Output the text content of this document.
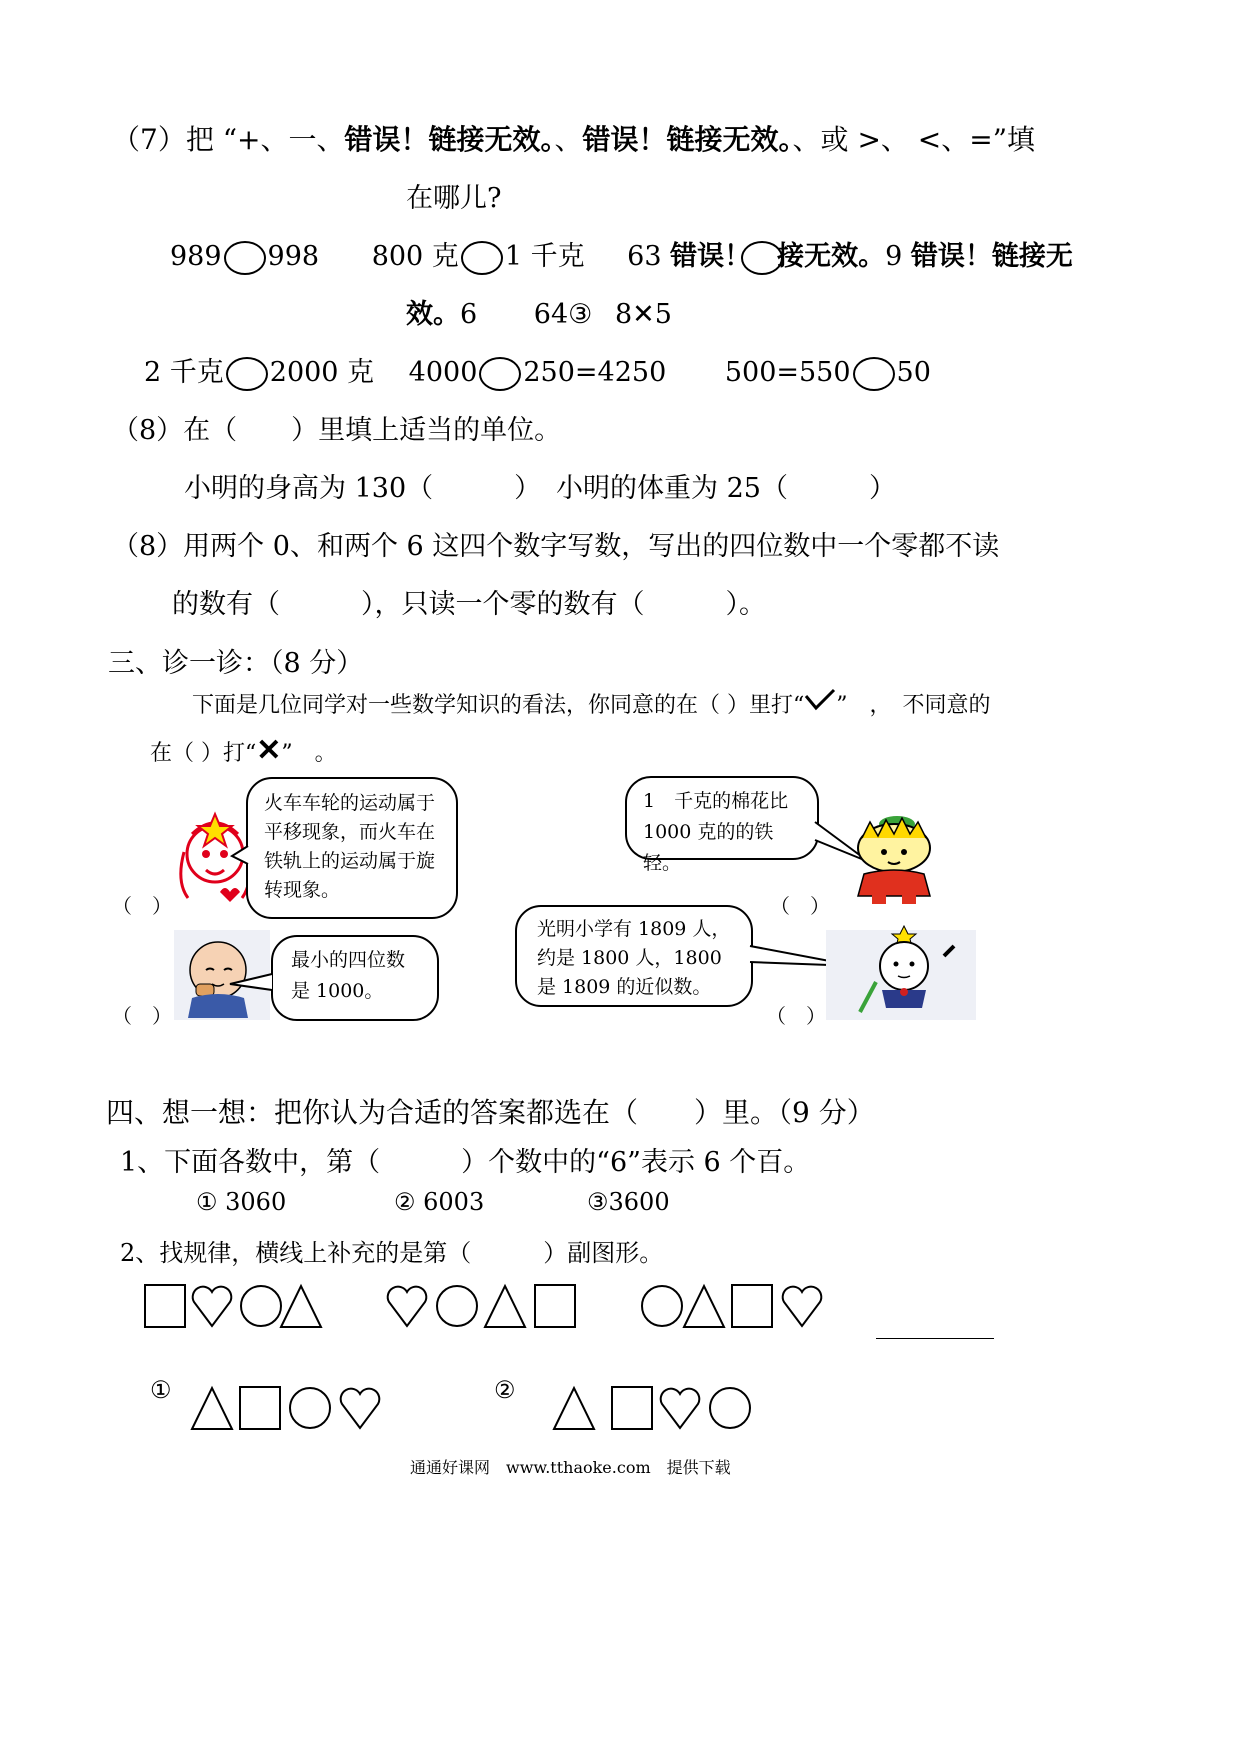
（7）把 “+、一、错误！链接无效。、错误！链接无效。、或 >、 <、=”填
在哪儿?
989 998 800 克 1 千克 63 错误！ 接无效。9 错误！链接无
效。6 64③ 8✕5
2 千克 2000 克 4000 250=4250 500=550 50
（8）在（　　）里填上适当的单位。
小明的身高为 130（　　　） 小明的体重为 25（　　　）
（8）用两个 0、和两个 6 这四个数字写数，写出的四位数中一个零都不读
的数有（　　　），只读一个零的数有（　　　）。
三、诊一诊：（8 分）
下面是几位同学对一些数学知识的看法，你同意的在（ ）里打“ ”　，　不同意的
在（ ）打“✕”　。
火车车轮的运动属于平移现象，而火车在铁轨上的运动属于旋转现象。
（　）
1　千克的棉花比1000 克的的铁轻。
（　）
最小的四位数是 1000。
（　）
光明小学有 1809 人，约是 1800 人，1800 是 1809 的近似数。
（　）
四、想一想：把你认为合适的答案都选在（　　）里。（9 分）
1、下面各数中，第（　　　）个数中的“6”表示 6 个百。
① 3060	② 6003	③3600
2、找规律，横线上补充的是第（　　　）副图形。
①	②
通通好课网　www.tthaoke.com　提供下载
